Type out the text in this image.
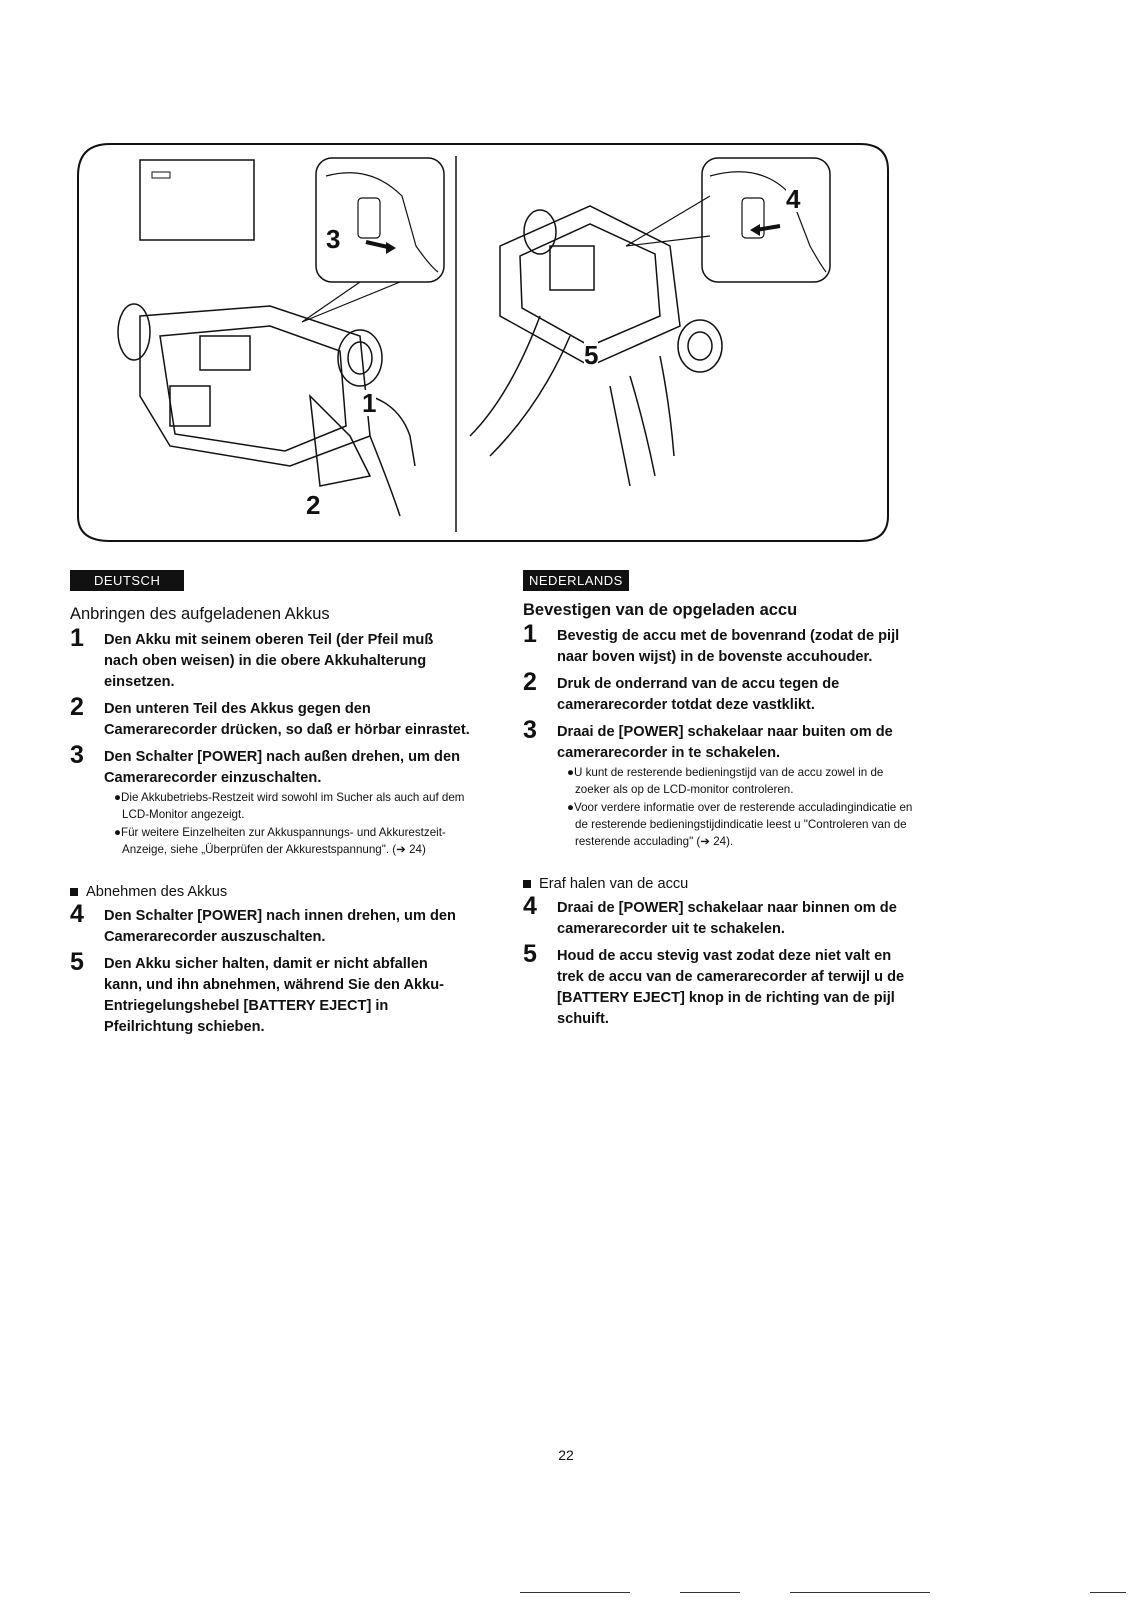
3
1
2
4
5
DEUTSCH
Anbringen des aufgeladenen Akkus
1 Den Akku mit seinem oberen Teil (der Pfeil muß nach oben weisen) in die obere Akkuhalterung einsetzen.
2 Den unteren Teil des Akkus gegen den Camerarecorder drücken, so daß er hörbar einrastet.
3 Den Schalter [POWER] nach außen drehen, um den Camerarecorder einzuschalten.
●Die Akkubetriebs-Restzeit wird sowohl im Sucher als auch auf dem LCD-Monitor angezeigt.
●Für weitere Einzelheiten zur Akkuspannungs- und Akkurestzeit-Anzeige, siehe „Überprüfen der Akkurestspannung". (➔ 24)
Abnehmen des Akkus
4 Den Schalter [POWER] nach innen drehen, um den Camerarecorder auszuschalten.
5 Den Akku sicher halten, damit er nicht abfallen kann, und ihn abnehmen, während Sie den Akku-Entriegelungshebel [BATTERY EJECT] in Pfeilrichtung schieben.
NEDERLANDS
Bevestigen van de opgeladen accu
1 Bevestig de accu met de bovenrand (zodat de pijl naar boven wijst) in de bovenste accuhouder.
2 Druk de onderrand van de accu tegen de camerarecorder totdat deze vastklikt.
3 Draai de [POWER] schakelaar naar buiten om de camerarecorder in te schakelen.
●U kunt de resterende bedieningstijd van de accu zowel in de zoeker als op de LCD-monitor controleren.
●Voor verdere informatie over de resterende acculadingindicatie en de resterende bedieningstijdindicatie leest u "Controleren van de resterende acculading" (➔ 24).
Eraf halen van de accu
4 Draai de [POWER] schakelaar naar binnen om de camerarecorder uit te schakelen.
5 Houd de accu stevig vast zodat deze niet valt en trek de accu van de camerarecorder af terwijl u de [BATTERY EJECT] knop in de richting van de pijl schuift.
22
